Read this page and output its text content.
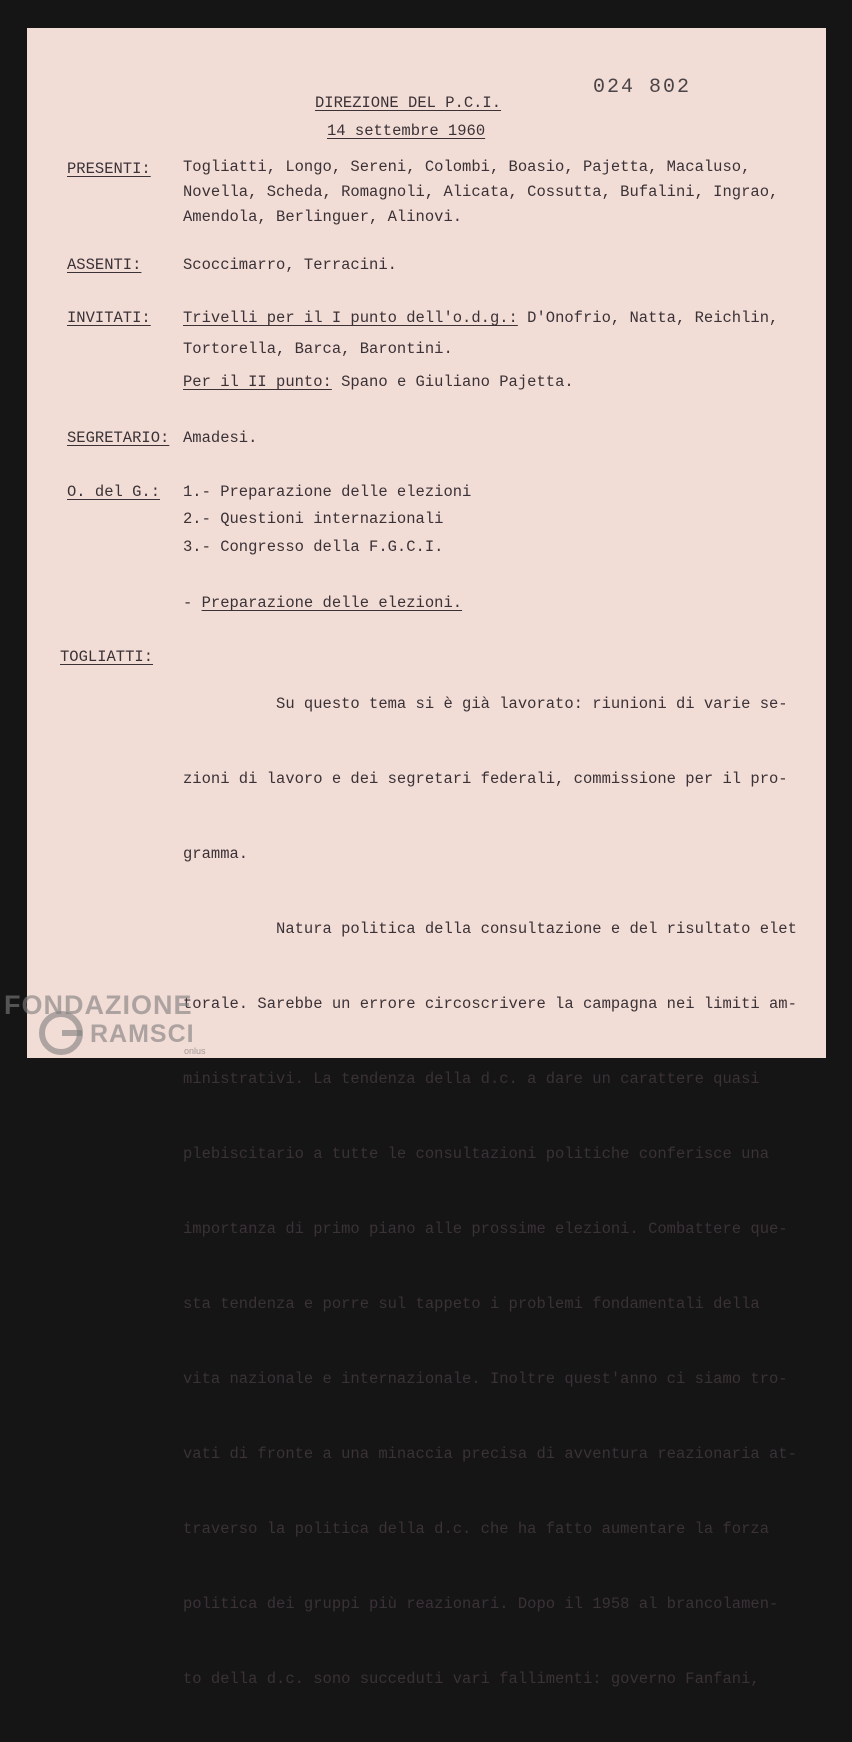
024 802

DIREZIONE DEL P.C.I.

14 settembre 1960

PRESENTI: Togliatti, Longo, Sereni, Colombi, Boasio, Pajetta, Macaluso,
Novella, Scheda, Romagnoli, Alicata, Cossutta, Bufalini, Ingrao,
Amendola, Berlinguer, Alinovi.

ASSENTI:	Scoccimarro, Terracini.

INVITATI: Trivelli per il I punto dell'o.d.g.: D'Onofrio, Natta, Reichlin,

Tortorella, Barca, Barontini.

Per il II punto: Spano e Giuliano Pajetta.

SEGRETARIO: Amadesi.

O. del G.: 1.- Preparazione delle elezioni

2.- Questioni internazionali

3.- Congresso della F.G.C.I.

- Preparazione delle elezioni.

TOGLIATTI:

Su questo tema si è già lavorato: riunioni di varie se-

zioni di lavoro e dei segretari federali, commissione per il pro-

gramma.

Natura politica della consultazione e del risultato elet

torale. Sarebbe un errore circoscrivere la campagna nei limiti am-

ministrativi. La tendenza della d.c. a dare un carattere quasi

plebiscitario a tutte le consultazioni politiche conferisce una

importanza di primo piano alle prossime elezioni. Combattere que-

sta tendenza e porre sul tappeto i problemi fondamentali della

vita nazionale e internazionale. Inoltre quest'anno ci siamo tro-

vati di fronte a una minaccia precisa di avventura reazionaria at-

traverso la politica della d.c. che ha fatto aumentare la forza

politica dei gruppi più reazionari. Dopo il 1958 al brancolamen-

to della d.c. sono succeduti vari fallimenti: governo Fanfani,

FONDAZIONE
RAMSCI
onlus
